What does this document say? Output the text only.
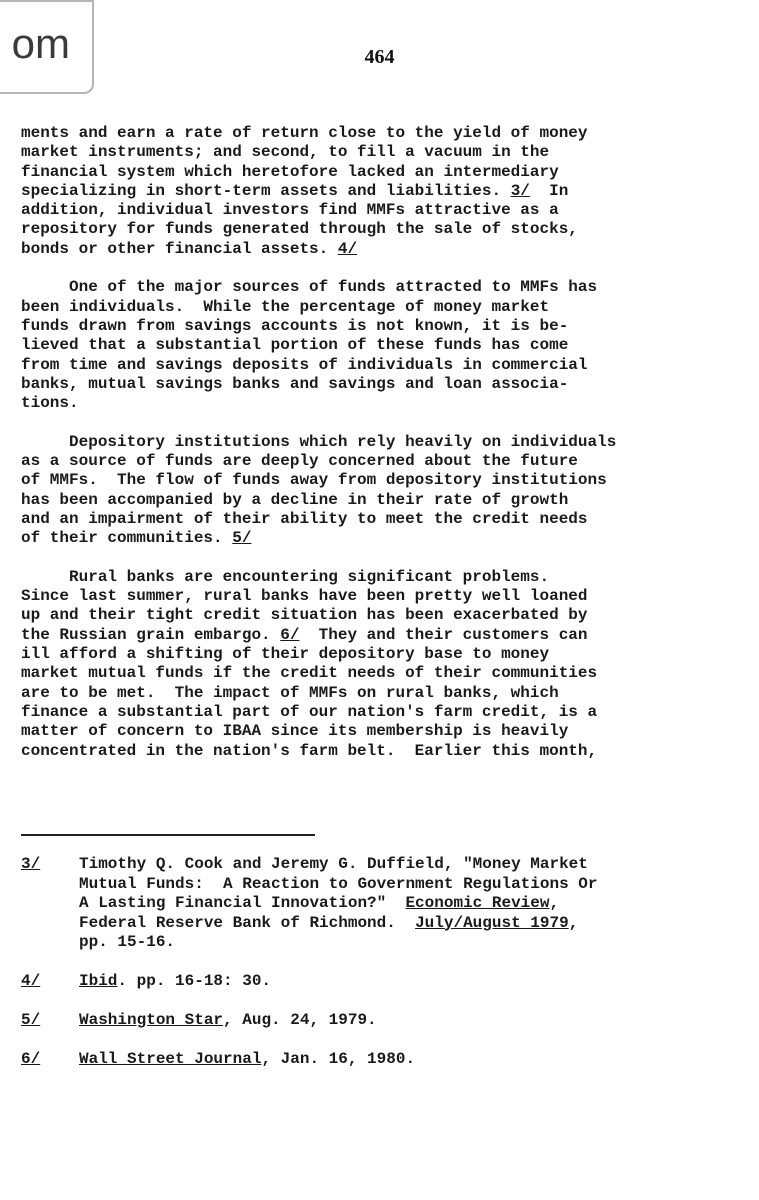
om	464

ments and earn a rate of return close to the yield of money
market instruments; and second, to fill a vacuum in the
financial system which heretofore lacked an intermediary
specializing in short-term assets and liabilities. 3/  In
addition, individual investors find MMFs attractive as a
repository for funds generated through the sale of stocks,
bonds or other financial assets. 4/

One of the major sources of funds attracted to MMFs has
been individuals.  While the percentage of money market
funds drawn from savings accounts is not known, it is be-
lieved that a substantial portion of these funds has come
from time and savings deposits of individuals in commercial
banks, mutual savings banks and savings and loan associa-
tions.

Depository institutions which rely heavily on individuals
as a source of funds are deeply concerned about the future
of MMFs.  The flow of funds away from depository institutions
has been accompanied by a decline in their rate of growth
and an impairment of their ability to meet the credit needs
of their communities. 5/

Rural banks are encountering significant problems.
Since last summer, rural banks have been pretty well loaned
up and their tight credit situation has been exacerbated by
the Russian grain embargo. 6/  They and their customers can
ill afford a shifting of their depository base to money
market mutual funds if the credit needs of their communities
are to be met.  The impact of MMFs on rural banks, which
finance a substantial part of our nation's farm credit, is a
matter of concern to IBAA since its membership is heavily
concentrated in the nation's farm belt.  Earlier this month,

3/	Timothy Q. Cook and Jeremy G. Duffield, "Money Market
Mutual Funds:  A Reaction to Government Regulations Or
A Lasting Financial Innovation?"  Economic Review,
Federal Reserve Bank of Richmond.  July/August 1979,
pp. 15-16.
4/	Ibid. pp. 16-18: 30.
5/	Washington Star, Aug. 24, 1979.
6/	Wall Street Journal, Jan. 16, 1980.
